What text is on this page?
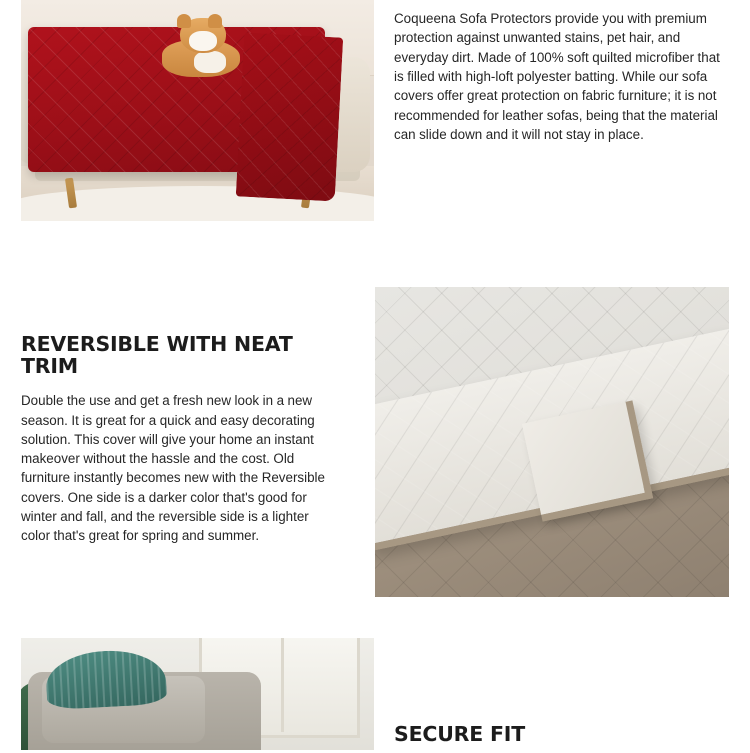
Coqueena Sofa Protectors provide you with premium protection against unwanted stains, pet hair, and everyday dirt. Made of 100% soft quilted microfiber that is filled with high-loft polyester batting. While our sofa covers offer great protection on fabric furniture; it is not recommended for leather sofas, being that the material can slide down and it will not stay in place.

REVERSIBLE WITH NEAT TRIM

Double the use and get a fresh new look in a new season. It is great for a quick and easy decorating solution. This cover will give your home an instant makeover without the hassle and the cost. Old furniture instantly becomes new with the Reversible covers. One side is a darker color that's good for winter and fall, and the reversible side is a lighter color that's great for spring and summer.

SECURE FIT
